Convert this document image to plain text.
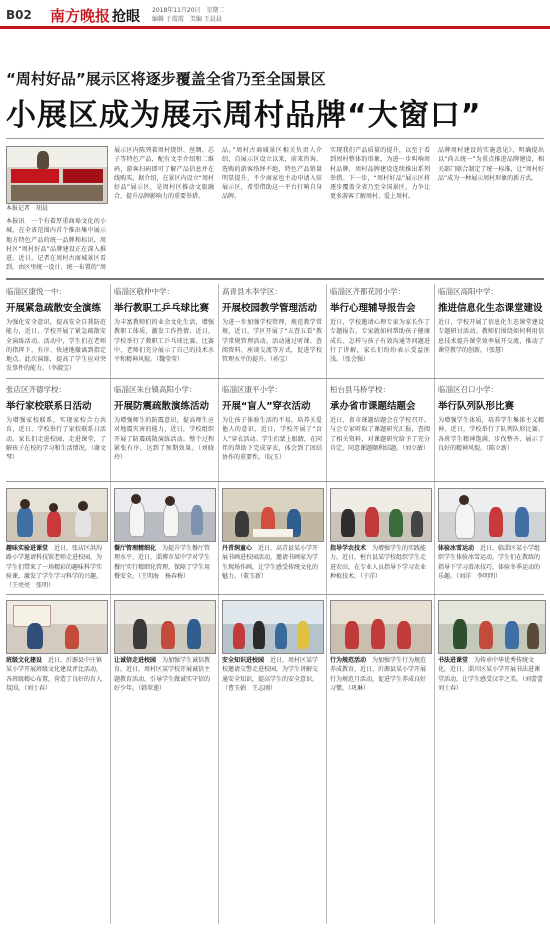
B02 南方晚报 抢眼 2018年11月20日　星期二
编辑 于霞霞　美编 王晨晨
“周村好品”展示区将逐步覆盖全省乃至全国景区
小展区成为展示周村品牌“大窗口”

本报记者　胡晨

本报讯　一个有着厚重商埠文化的小城，在全省范围内首个推出集中展示地方特色产品的统一品牌和标识，周村区“周村好品”品牌建设正在深入推进。近日，记者在周村古商城景区看到，由区里统一设计、统一布置的“周

展示区内陈列着周村烧饼、丝绸、芯子等特色产品，配有文字介绍和二维码，游客扫码即可了解产品信息并在线购买。据介绍，在景区内设立“周村好品”展示区，是周村区推动文旅融合、提升品牌影响力的重要举措。

品。”周村古商城景区相关负责人介绍，自展示区设立以来，前来咨询、选购的游客络绎不绝，特色产品销量明显提升，不少商家也主动申请入驻展示区，希望借助这一平台打响自身品牌。

实现我们产品质量的提升，以至于看到周村整体的形象，为进一步叫响周村品牌，周村品牌建设连续推出系列举措。下一步，“周村好品”展示区将逐步覆盖全省乃至全国景区，力争让更多游客了解周村、爱上周村。

品牌周村建设的实施意见》，明确提出以“尚五统一”为重点推进品牌建设，相关部门联合制定了统一标准，让“周村好品”成为一种展示周村形象的新方式。

临淄区康悦一中：

开展紧急疏散安全演练

为强化安全意识，提高安全自我防范能力，近日，学校开展了紧急疏散安全演练活动。活动中，学生们在老师的指挥下，有序、快速地撤离到指定地点。此次演练，提高了学生应对突发事件的能力。（李淑宝）

临淄区敬仲中学：

举行教职工乒乓球比赛

为丰富教师们的业余文化生活，增强教职工体质，激发工作热情，近日，学校举行了教职工乒乓球比赛。比赛中，老师们充分展示了自己的技术水平和精神风貌。（魏莹莹）

高青县木李学区：

开展校园教学管理活动

为进一步加强学校管理，规范教学常规，近日，学区开展了“五查五看”教学常规管理活动。活动通过听课、查阅资料、座谈交流等方式，促进学校管理水平的提升。（孙宝）

临淄区齐都花园小学：

举行心理辅导报告会

近日，学校邀请心理专家为家长作了专题报告，专家就如何帮助孩子健康成长、怎样与孩子有效沟通等问题进行了讲解，家长们纷纷表示受益匪浅。（张会强）

临淄区高阳中学：

推进信息化生态课堂建设

近日，学校开展了信息化生态课堂建设专题研讨活动。教师们围绕如何利用信息技术提升课堂效率展开交流，推动了课堂教学的创新。（张慧）

张店区齐德学校：

举行家校联系日活动

为增强家校联系，实现家校合力共育，近日，学校举行了家校联系日活动。家长们走进校园，走进课堂，了解孩子在校的学习和生活情况。（谢文琴）

临淄区朱台镇高阳小学：

开展防震疏散演练活动

为增强师生的防震意识，提高师生应对地震灾害的能力，近日，学校组织开展了防震疏散演练活动。整个过程紧张有序，达到了预期效果。（刘晓玲）

临淄区康平小学：

开展“盲人”穿衣活动

为让孩子体验生活的不易，培养关爱他人的意识，近日，学校开展了“盲人”穿衣活动。学生们蒙上眼睛，在同伴的帮助下完成穿衣，体会到了团结协作的重要性。（阮玉）

桓台县马桥学校：

承办省市课题结题会

近日，省市课题结题会在学校召开。与会专家听取了课题研究汇报，查阅了相关资料，对课题研究给予了充分肯定，同意课题顺利结题。（刘立敏）

临淄区召口小学：

举行队列队形比赛

为增强学生体质，培养学生集体主义精神，近日，学校举行了队列队形比赛。各班学生精神饱满、步伐整齐，展示了良好的精神风貌。（陈立新）

趣味实验进课堂　 近日，张店区洪沟路小学邀请科技馆老师走进校园，为学生们带来了一场精彩的趣味科学实验课，激发了学生学习科学的兴趣。（王亮亮　张明）

餐厅管理精细化　 为提升学生餐厅管理水平，近日，淄博市某中学对学生餐厅实行精细化管理，保障了学生用餐安全。（王明海　杨春梅）

丹青润童心　 近日，高青县某小学开展书画进校园活动，邀请书画家为学生现场作画，让学生感受传统文化的魅力。（董玉新）

指导学农技术　 为增强学生的实践能力，近日，桓台县某学校组织学生走进农田，在专业人员指导下学习农业种植技术。（于洋）

体验冰雪运动　 近日，临淄区某小学组织学生体验冰雪运动，学生们在教练的指导下学习滑冰技巧，体验冬季运动的乐趣。（刘洋　李明明）

班级文化建设　 近日，沂源县中庄镇某小学开展班级文化建设评比活动，各班级精心布置，营造了良好的育人氛围。（刘士春）

让诚信走进校园　 为加强学生诚信教育，近日，周村区某学校开展诚信主题教育活动，引导学生做诚实守信的好少年。（韩翠莲）

安全知识进校园　 近日，周村区某学校邀请交警走进校园，为学生讲解交通安全知识，提高学生的安全意识。（曹玉娟　王志刚）

行为规范活动　 为加强学生行为规范养成教育，近日，沂源县某小学开展行为规范月活动，促进学生养成良好习惯。（巩琳）

书法进课堂　 为传承中华优秀传统文化，近日，淄川区某小学开展书法进课堂活动，让学生感受汉字之美。（刘蕾蕾　刘士春）
